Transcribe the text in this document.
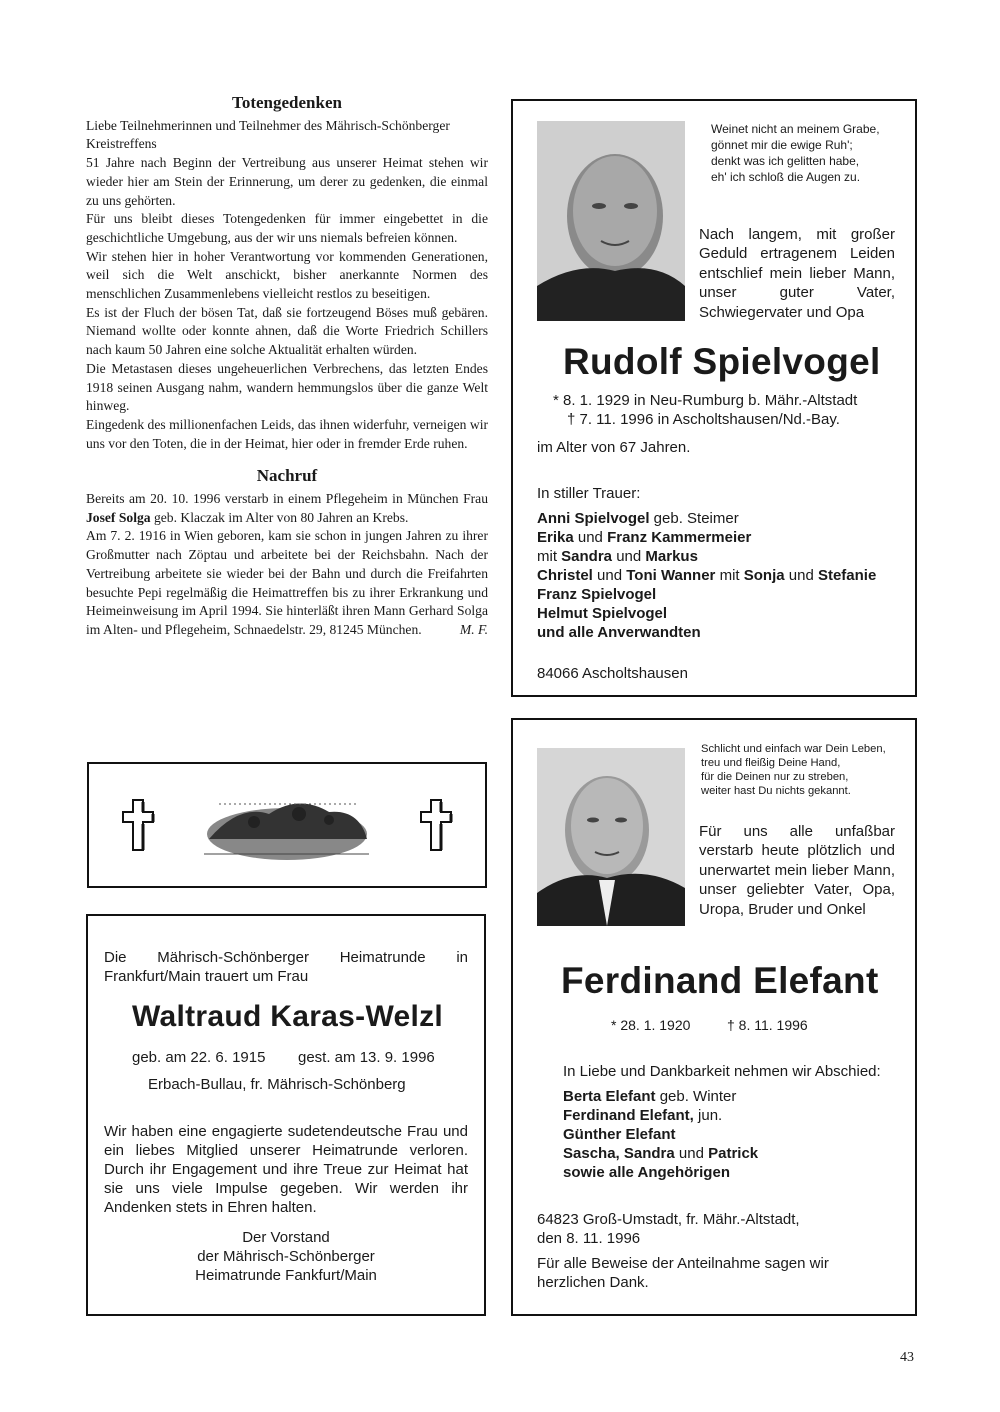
Totengedenken

Liebe Teilnehmerinnen und Teilnehmer des Mährisch-Schönberger Kreistreffens

51 Jahre nach Beginn der Vertreibung aus unserer Heimat stehen wir wieder hier am Stein der Erinnerung, um derer zu gedenken, die einmal zu uns gehörten.

Für uns bleibt dieses Totengedenken für immer eingebettet in die geschichtliche Umgebung, aus der wir uns niemals befreien können.

Wir stehen hier in hoher Verantwortung vor kommenden Generationen, weil sich die Welt anschickt, bisher anerkannte Normen des menschlichen Zusammenlebens vielleicht restlos zu beseitigen.

Es ist der Fluch der bösen Tat, daß sie fortzeugend Böses muß gebären. Niemand wollte oder konnte ahnen, daß die Worte Friedrich Schillers nach kaum 50 Jahren eine solche Aktualität erhalten würden.

Die Metastasen dieses ungeheuerlichen Verbrechens, das letzten Endes 1918 seinen Ausgang nahm, wandern hemmungslos über die ganze Welt hinweg.

Eingedenk des millionenfachen Leids, das ihnen widerfuhr, verneigen wir uns vor den Toten, die in der Heimat, hier oder in fremder Erde ruhen.

Nachruf

Bereits am 20. 10. 1996 verstarb in einem Pflegeheim in München Frau Josef Solga geb. Klaczak im Alter von 80 Jahren an Krebs.

Am 7. 2. 1916 in Wien geboren, kam sie schon in jungen Jahren zu ihrer Großmutter nach Zöptau und arbeitete bei der Reichsbahn. Nach der Vertreibung arbeitete sie wieder bei der Bahn und durch die Freifahrten besuchte Pepi regelmäßig die Heimattreffen bis zu ihrer Erkrankung und Heimeinweisung im April 1994. Sie hinterläßt ihren Mann Gerhard Solga im Alten- und Pflegeheim, Schnaedelstr. 29, 81245 München.	M. F.

Weinet nicht an meinem Grabe,
gönnet mir die ewige Ruh';
denkt was ich gelitten habe,
eh' ich schloß die Augen zu.
Nach langem, mit großer Geduld ertragenem Leiden entschlief mein lieber Mann, unser guter Vater, Schwiegervater und Opa
Rudolf Spielvogel
* 8. 1. 1929 in Neu-Rumburg b. Mähr.-Altstadt
† 7. 11. 1996 in Ascholtshausen/Nd.-Bay.
im Alter von 67 Jahren.
In stiller Trauer:
Anni Spielvogel geb. Steimer
Erika und Franz Kammermeier
mit Sandra und Markus
Christel und Toni Wanner mit Sonja und Stefanie
Franz Spielvogel
Helmut Spielvogel
und alle Anverwandten
84066 Ascholtshausen
Schlicht und einfach war Dein Leben,
treu und fleißig Deine Hand,
für die Deinen nur zu streben,
weiter hast Du nichts gekannt.
Für uns alle unfaßbar verstarb heute plötzlich und unerwartet mein lieber Mann, unser geliebter Vater, Opa, Uropa, Bruder und Onkel
Ferdinand Elefant
* 28. 1. 1920	† 8. 11. 1996
In Liebe und Dankbarkeit nehmen wir Abschied:
Berta Elefant geb. Winter
Ferdinand Elefant, jun.
Günther Elefant
Sascha, Sandra und Patrick
sowie alle Angehörigen
64823 Groß-Umstadt, fr. Mähr.-Altstadt,
den 8. 11. 1996
Für alle Beweise der Anteilnahme sagen wir herzlichen Dank.
Die Mährisch-Schönberger Heimatrunde in Frankfurt/Main trauert um Frau
Waltraud Karas-Welzl
geb. am 22. 6. 1915 gest. am 13. 9. 1996
Erbach-Bullau, fr. Mährisch-Schönberg
Wir haben eine engagierte sudetendeutsche Frau und ein liebes Mitglied unserer Heimatrunde verloren. Durch ihr Engagement und ihre Treue zur Heimat hat sie uns viele Impulse gegeben. Wir werden ihr Andenken stets in Ehren halten.
Der Vorstand
der Mährisch-Schönberger
Heimatrunde Fankfurt/Main
43
